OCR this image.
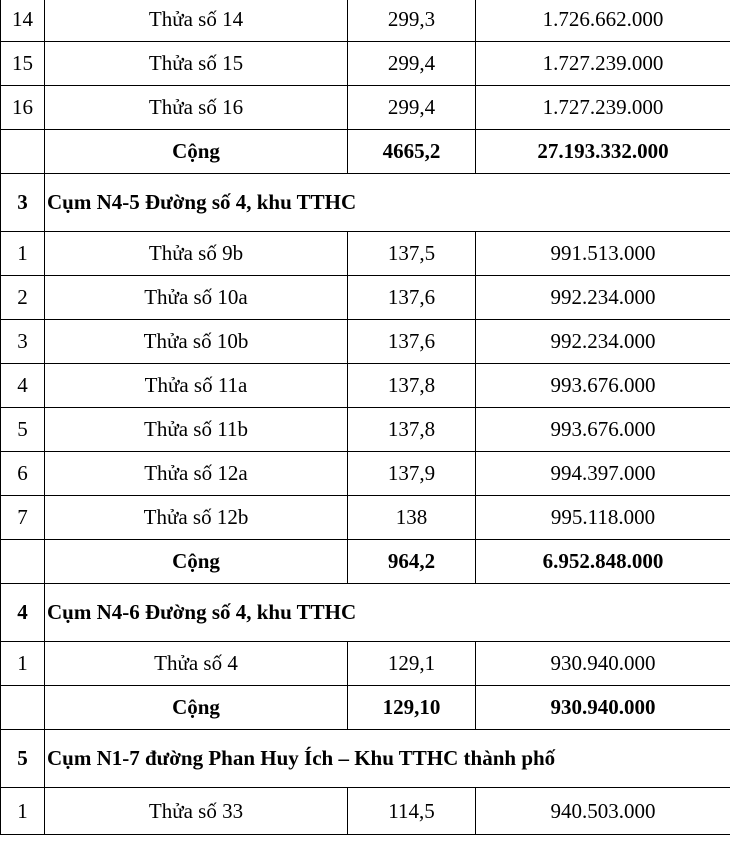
14	Thửa số 14	299,3	1.726.662.000
15	Thửa số 15	299,4	1.727.239.000
16	Thửa số 16	299,4	1.727.239.000
	Cộng	4665,2	27.193.332.000
3	Cụm N4-5 Đường số 4, khu TTHC		
1	Thửa số 9b	137,5	991.513.000
2	Thửa số 10a	137,6	992.234.000
3	Thửa số 10b	137,6	992.234.000
4	Thửa số 11a	137,8	993.676.000
5	Thửa số 11b	137,8	993.676.000
6	Thửa số 12a	137,9	994.397.000
7	Thửa số 12b	138	995.118.000
	Cộng	964,2	6.952.848.000
4	Cụm N4-6 Đường số 4, khu TTHC		
1	Thửa số 4	129,1	930.940.000
	Cộng	129,10	930.940.000
5	Cụm N1-7 đường Phan Huy Ích – Khu TTHC thành phố		
1	Thửa số 33	114,5	940.503.000
